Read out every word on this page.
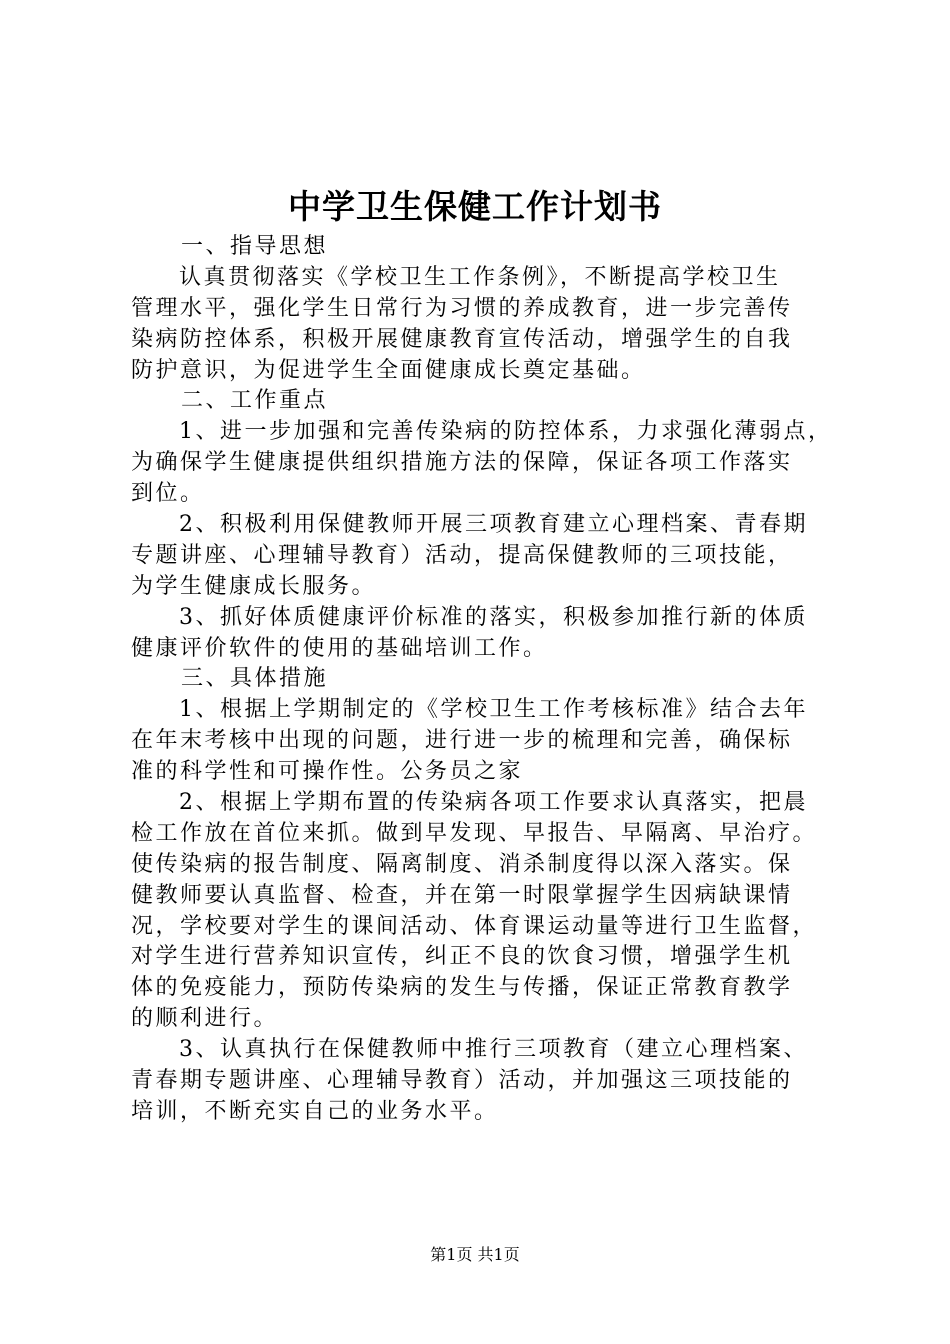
中学卫生保健工作计划书
一、指导思想
认真贯彻落实《学校卫生工作条例》，不断提高学校卫生
管理水平，强化学生日常行为习惯的养成教育，进一步完善传
染病防控体系，积极开展健康教育宣传活动，增强学生的自我
防护意识，为促进学生全面健康成长奠定基础。
二、工作重点
1、进一步加强和完善传染病的防控体系，力求强化薄弱点，
为确保学生健康提供组织措施方法的保障，保证各项工作落实
到位。
2、积极利用保健教师开展三项教育建立心理档案、青春期
专题讲座、心理辅导教育）活动，提高保健教师的三项技能，
为学生健康成长服务。
3、抓好体质健康评价标准的落实，积极参加推行新的体质
健康评价软件的使用的基础培训工作。
三、具体措施
1、根据上学期制定的《学校卫生工作考核标准》结合去年
在年末考核中出现的问题，进行进一步的梳理和完善，确保标
准的科学性和可操作性。公务员之家
2、根据上学期布置的传染病各项工作要求认真落实，把晨
检工作放在首位来抓。做到早发现、早报告、早隔离、早治疗。
使传染病的报告制度、隔离制度、消杀制度得以深入落实。保
健教师要认真监督、检查，并在第一时限掌握学生因病缺课情
况，学校要对学生的课间活动、体育课运动量等进行卫生监督，
对学生进行营养知识宣传，纠正不良的饮食习惯，增强学生机
体的免疫能力，预防传染病的发生与传播，保证正常教育教学
的顺利进行。
3、认真执行在保健教师中推行三项教育（建立心理档案、
青春期专题讲座、心理辅导教育）活动，并加强这三项技能的
培训，不断充实自己的业务水平。
第1页 共1页
